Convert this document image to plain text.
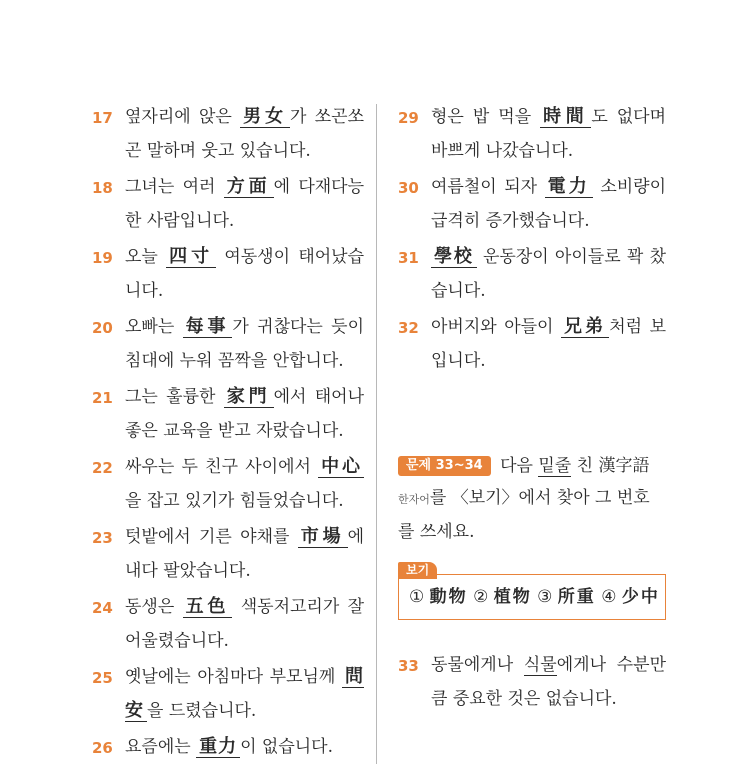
17 옆자리에 앉은 男女 가 쏘곤쏘곤 말하며 웃고 있습니다.
18 그녀는 여러 方面 에 다재다능한 사람입니다.
19 오늘 四寸 여동생이 태어났습니다.
20 오빠는 每事 가 귀찮다는 듯이 침대에 누워 꼼짝을 안합니다.
21 그는 훌륭한 家門 에서 태어나 좋은 교육을 받고 자랐습니다.
22 싸우는 두 친구 사이에서 中心을 잡고 있기가 힘들었습니다.
23 텃밭에서 기른 야채를 市場 에 내다 팔았습니다.
24 동생은 五色 색동저고리가 잘 어울렸습니다.
25 옛날에는 아침마다 부모님께 問安 을 드렸습니다.
26 요즘에는 重力 이 없습니다.
29 형은 밥 먹을 時間 도 없다며 바쁘게 나갔습니다.
30 여름철이 되자 電力 소비량이 급격히 증가했습니다.
31 學校 운동장이 아이들로 꽉 찼습니다.
32 아버지와 아들이 兄弟 처럼 보입니다.
문제 33~34 다음 밑줄 친 漢字語
한자어를 〈보기〉에서 찾아 그 번호를 쓰세요.
보기
① 動物 ② 植物 ③ 所重 ④ 少中
33 동물에게나 식물에게나 수분만큼 중요한 것은 없습니다.
